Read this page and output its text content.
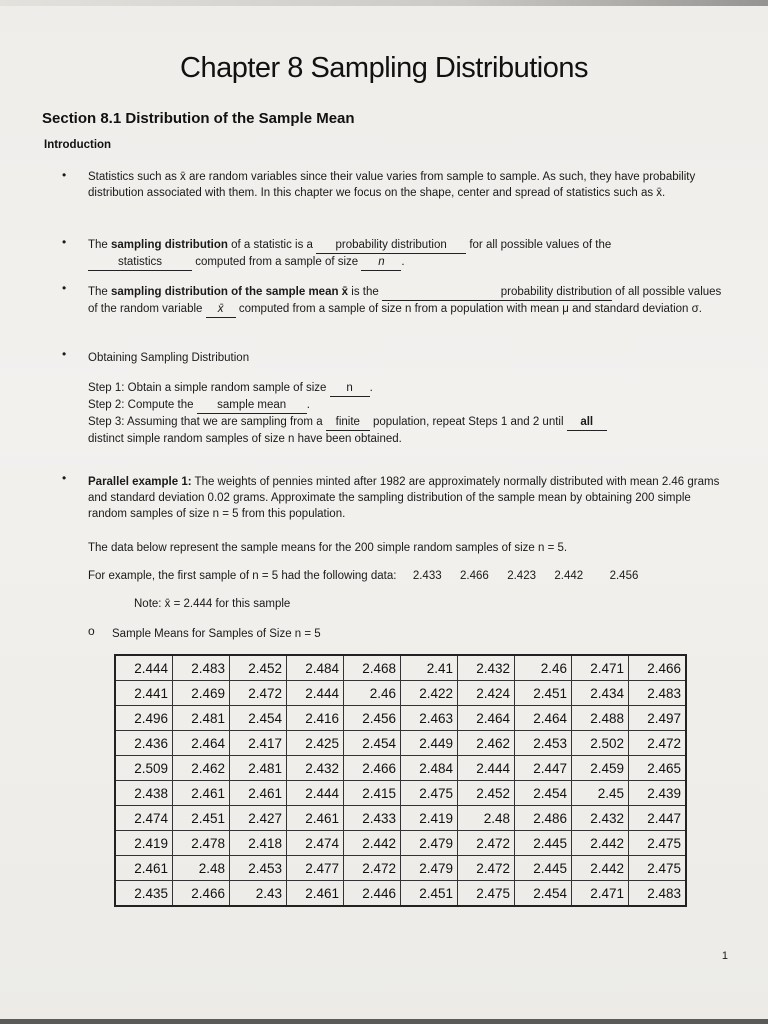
Chapter 8 Sampling Distributions
Section 8.1 Distribution of the Sample Mean
Introduction
• Statistics such as x̄ are random variables since their value varies from sample to sample. As such, they have probability distribution associated with them. In this chapter we focus on the shape, center and spread of statistics such as x̄.
• The sampling distribution of a statistic is a probability distribution for all possible values of the
statistics	computed from a sample of size n .
• The sampling distribution of the sample mean x̄ is the	probability distribution of all possible values of the random variable x̄ computed from a sample of size n from a population with mean μ and standard deviation σ.
• Obtaining Sampling Distribution
Step 1: Obtain a simple random sample of size n .
Step 2: Compute the sample mean .
Step 3: Assuming that we are sampling from a finite population, repeat Steps 1 and 2 until all
distinct simple random samples of size n have been obtained.
• Parallel example 1: The weights of pennies minted after 1982 are approximately normally distributed with mean 2.46 grams and standard deviation 0.02 grams. Approximate the sampling distribution of the sample mean by obtaining 200 simple random samples of size n = 5 from this population.
The data below represent the sample means for the 200 simple random samples of size n = 5.
For example, the first sample of n = 5 had the following data: 2.433 2.466 2.423 2.442 2.456
Note: x̄ = 2.444 for this sample
o Sample Means for Samples of Size n = 5
2.444	2.483	2.452	2.484	2.468	2.41	2.432	2.46	2.471	2.466
2.441	2.469	2.472	2.444	2.46	2.422	2.424	2.451	2.434	2.483
2.496	2.481	2.454	2.416	2.456	2.463	2.464	2.464	2.488	2.497
2.436	2.464	2.417	2.425	2.454	2.449	2.462	2.453	2.502	2.472
2.509	2.462	2.481	2.432	2.466	2.484	2.444	2.447	2.459	2.465
2.438	2.461	2.461	2.444	2.415	2.475	2.452	2.454	2.45	2.439
2.474	2.451	2.427	2.461	2.433	2.419	2.48	2.486	2.432	2.447
2.419	2.478	2.418	2.474	2.442	2.479	2.472	2.445	2.442	2.475
2.461	2.48	2.453	2.477	2.472	2.479	2.472	2.445	2.442	2.475
2.435	2.466	2.43	2.461	2.446	2.451	2.475	2.454	2.471	2.483
1
